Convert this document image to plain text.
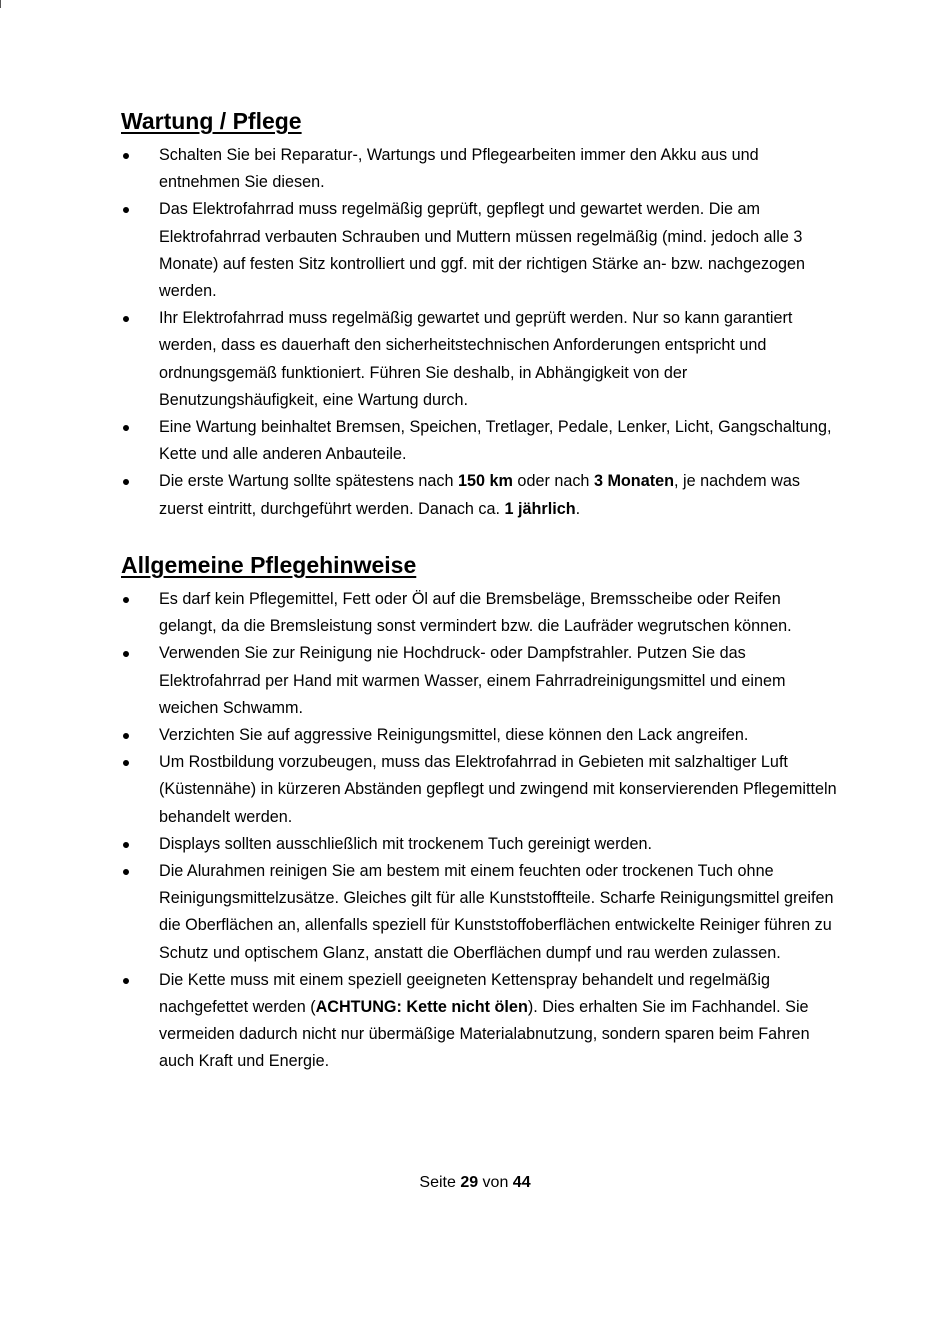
Wartung / Pflege
Schalten Sie bei Reparatur-, Wartungs und Pflegearbeiten immer den Akku aus und entnehmen Sie diesen.
Das Elektrofahrrad muss regelmäßig geprüft, gepflegt und gewartet werden. Die am Elektrofahrrad verbauten Schrauben und Muttern müssen regelmäßig (mind. jedoch alle 3 Monate) auf festen Sitz kontrolliert und ggf. mit der richtigen Stärke an- bzw. nachgezogen werden.
Ihr Elektrofahrrad muss regelmäßig gewartet und geprüft werden. Nur so kann garantiert werden, dass es dauerhaft den sicherheitstechnischen Anforderungen entspricht und ordnungsgemäß funktioniert. Führen Sie deshalb, in Abhängigkeit von der Benutzungshäufigkeit, eine Wartung durch.
Eine Wartung beinhaltet Bremsen, Speichen, Tretlager, Pedale, Lenker, Licht, Gangschaltung, Kette und alle anderen Anbauteile.
Die erste Wartung sollte spätestens nach 150 km oder nach 3 Monaten, je nachdem was zuerst eintritt, durchgeführt werden. Danach ca. 1 jährlich.
Allgemeine Pflegehinweise
Es darf kein Pflegemittel, Fett oder Öl auf die Bremsbeläge, Bremsscheibe oder Reifen gelangt, da die Bremsleistung sonst vermindert bzw. die Laufräder wegrutschen können.
Verwenden Sie zur Reinigung nie Hochdruck- oder Dampfstrahler. Putzen Sie das Elektrofahrrad per Hand mit warmen Wasser, einem Fahrradreinigungsmittel und einem weichen Schwamm.
Verzichten Sie auf aggressive Reinigungsmittel, diese können den Lack angreifen.
Um Rostbildung vorzubeugen, muss das Elektrofahrrad in Gebieten mit salzhaltiger Luft (Küstennähe) in kürzeren Abständen gepflegt und zwingend mit konservierenden Pflegemitteln behandelt werden.
Displays sollten ausschließlich mit trockenem Tuch gereinigt werden.
Die Alurahmen reinigen Sie am bestem mit einem feuchten oder trockenen Tuch ohne Reinigungsmittelzusätze. Gleiches gilt für alle Kunststoffteile. Scharfe Reinigungsmittel greifen die Oberflächen an, allenfalls speziell für Kunststoffoberflächen entwickelte Reiniger führen zu Schutz und optischem Glanz, anstatt die Oberflächen dumpf und rau werden zulassen.
Die Kette muss mit einem speziell geeigneten Kettenspray behandelt und regelmäßig nachgefettet werden (ACHTUNG: Kette nicht ölen). Dies erhalten Sie im Fachhandel. Sie vermeiden dadurch nicht nur übermäßige Materialabnutzung, sondern sparen beim Fahren auch Kraft und Energie.
Seite 29 von 44
